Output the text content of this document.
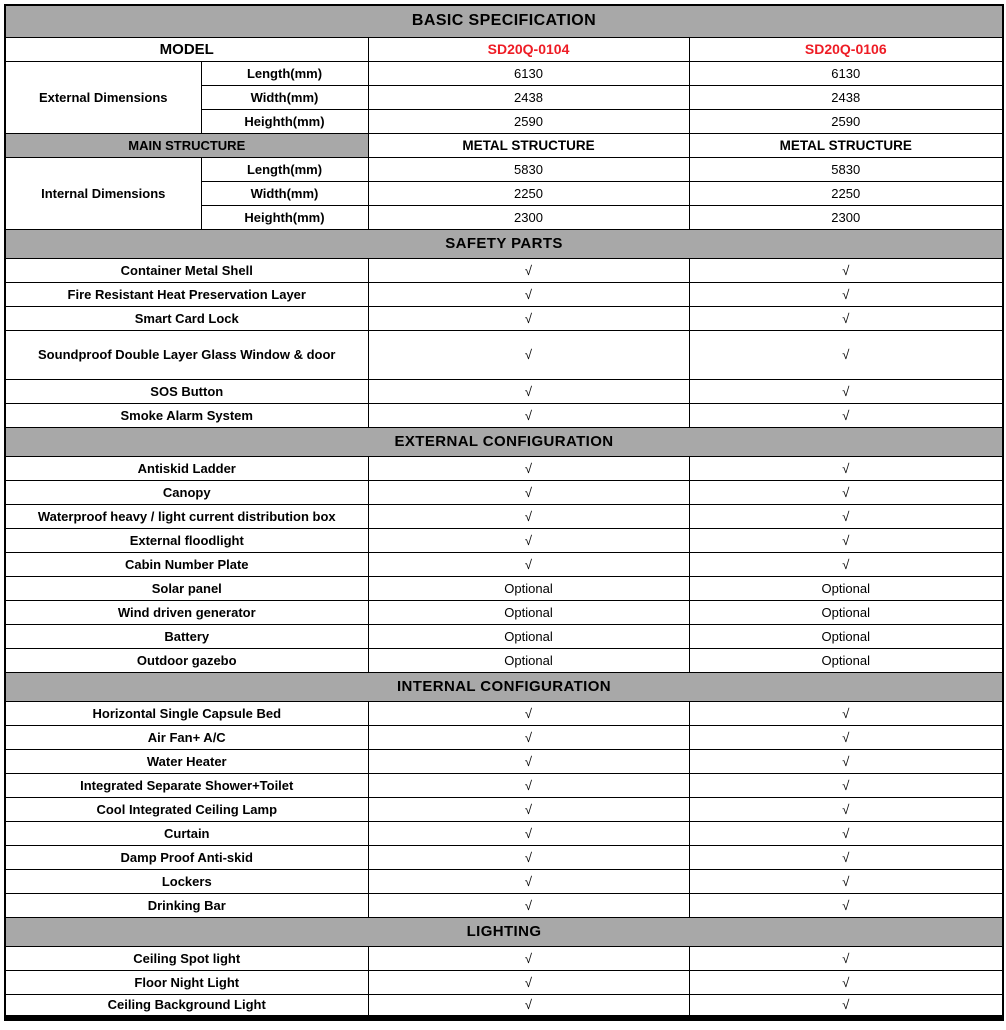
BASIC SPECIFICATION			
MODEL		SD20Q-0104	SD20Q-0106
External Dimensions	Length(mm)	6130	6130
	Width(mm)	2438	2438
	Heighth(mm)	2590	2590
MAIN STRUCTURE		METAL STRUCTURE	METAL STRUCTURE
Internal Dimensions	Length(mm)	5830	5830
	Width(mm)	2250	2250
	Heighth(mm)	2300	2300
SAFETY PARTS			
Container Metal Shell		√	√
Fire Resistant Heat Preservation Layer		√	√
Smart Card Lock		√	√
Soundproof Double Layer Glass Window & door		√	√
SOS Button		√	√
Smoke Alarm System		√	√
EXTERNAL CONFIGURATION			
Antiskid Ladder		√	√
Canopy		√	√
Waterproof heavy / light current distribution box		√	√
External floodlight		√	√
Cabin Number Plate		√	√
Solar panel		Optional	Optional
Wind driven generator		Optional	Optional
Battery		Optional	Optional
Outdoor gazebo		Optional	Optional
INTERNAL CONFIGURATION			
Horizontal Single Capsule Bed		√	√
Air Fan+ A/C		√	√
Water Heater		√	√
Integrated Separate Shower+Toilet		√	√
Cool Integrated Ceiling Lamp		√	√
Curtain		√	√
Damp Proof Anti-skid		√	√
Lockers		√	√
Drinking Bar		√	√
LIGHTING			
Ceiling Spot light		√	√
Floor Night Light		√	√
Ceiling Background Light		√	√
